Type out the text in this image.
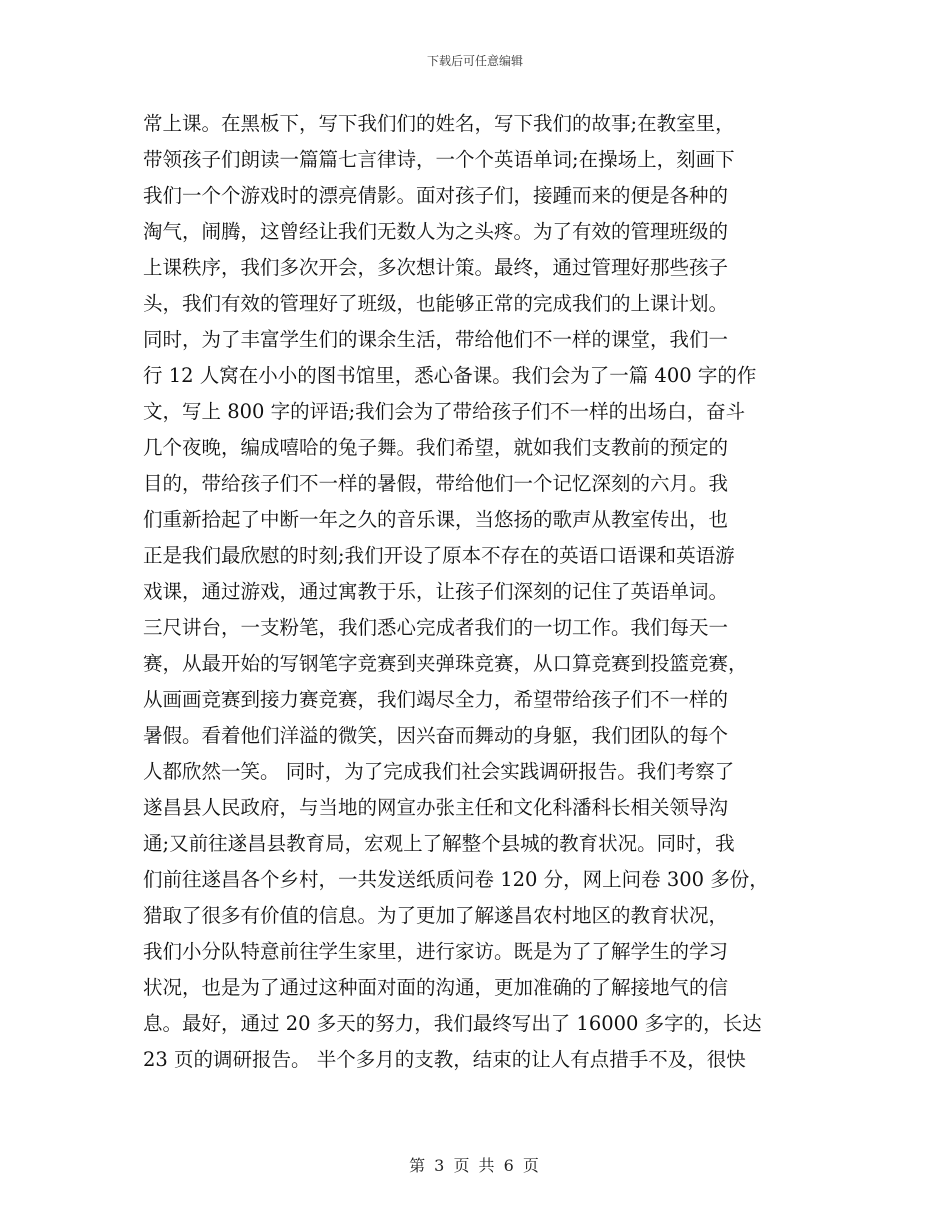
下载后可任意编辑
常上课。在黑板下，写下我们们的姓名，写下我们的故事;在教室里，
带领孩子们朗读一篇篇七言律诗，一个个英语单词;在操场上，刻画下
我们一个个游戏时的漂亮倩影。面对孩子们，接踵而来的便是各种的
淘气，闹腾，这曾经让我们无数人为之头疼。为了有效的管理班级的
上课秩序，我们多次开会，多次想计策。最终，通过管理好那些孩子
头，我们有效的管理好了班级，也能够正常的完成我们的上课计划。
同时，为了丰富学生们的课余生活，带给他们不一样的课堂，我们一
行 12 人窝在小小的图书馆里，悉心备课。我们会为了一篇 400 字的作
文，写上 800 字的评语;我们会为了带给孩子们不一样的出场白，奋斗
几个夜晚，编成嘻哈的兔子舞。我们希望，就如我们支教前的预定的
目的，带给孩子们不一样的暑假，带给他们一个记忆深刻的六月。我
们重新拾起了中断一年之久的音乐课，当悠扬的歌声从教室传出，也
正是我们最欣慰的时刻;我们开设了原本不存在的英语口语课和英语游
戏课，通过游戏，通过寓教于乐，让孩子们深刻的记住了英语单词。
三尺讲台，一支粉笔，我们悉心完成者我们的一切工作。我们每天一
赛，从最开始的写钢笔字竞赛到夹弹珠竞赛，从口算竞赛到投篮竞赛，
从画画竞赛到接力赛竞赛，我们竭尽全力，希望带给孩子们不一样的
暑假。看着他们洋溢的微笑，因兴奋而舞动的身躯，我们团队的每个
人都欣然一笑。 同时，为了完成我们社会实践调研报告。我们考察了
遂昌县人民政府，与当地的网宣办张主任和文化科潘科长相关领导沟
通;又前往遂昌县教育局，宏观上了解整个县城的教育状况。同时，我
们前往遂昌各个乡村，一共发送纸质问卷 120 分，网上问卷 300 多份，
猎取了很多有价值的信息。为了更加了解遂昌农村地区的教育状况，
我们小分队特意前往学生家里，进行家访。既是为了了解学生的学习
状况，也是为了通过这种面对面的沟通，更加准确的了解接地气的信
息。最好，通过 20 多天的努力，我们最终写出了 16000 多字的，长达
23 页的调研报告。 半个多月的支教，结束的让人有点措手不及，很快
第 3 页 共 6 页
